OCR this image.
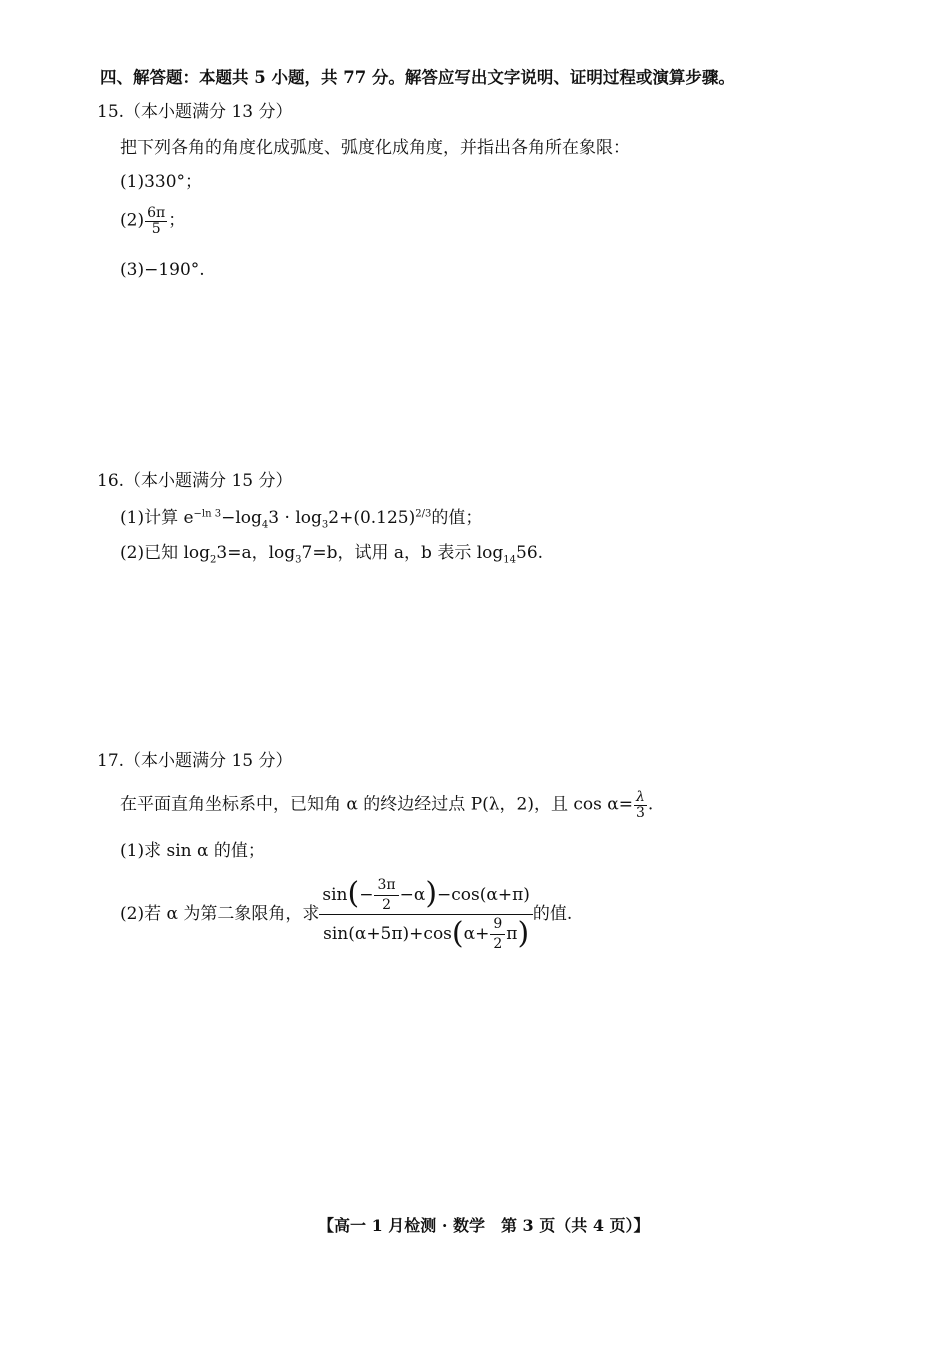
四、解答题：本题共 5 小题，共 77 分。解答应写出文字说明、证明过程或演算步骤。
15.（本小题满分 13 分）
把下列各角的角度化成弧度、弧度化成角度，并指出各角所在象限：
(1)330°；
$(2) \frac{6\pi}{5}$ ；
(3)−190°.
16.（本小题满分 15 分）
(1)计算 $e^{-ln 3}-\log_43 \cdot \log_32+(0.125)^{2/3}$的值；
(2)已知 $\log_23=a$，$\log_37=b$，试用 a，b 表示 $\log_{14}56$.
17.（本小题满分 15 分）
在平面直角坐标系中，已知角 α 的终边经过点 P(λ，2)，且 $\cos \alpha= \frac{\lambda}{3}$ .
(1)求 sin α 的值；
(2)若 α 为第二象限角，求
sin ( − $\frac{3\pi}{2} -\alpha$ ) −cos(α+π)
sin(α+5π)+cos ( $\alpha+ \frac{9}{2}$ π )
的值.
【高一 1 月检测 · 数学　第 3 页（共 4 页）】
